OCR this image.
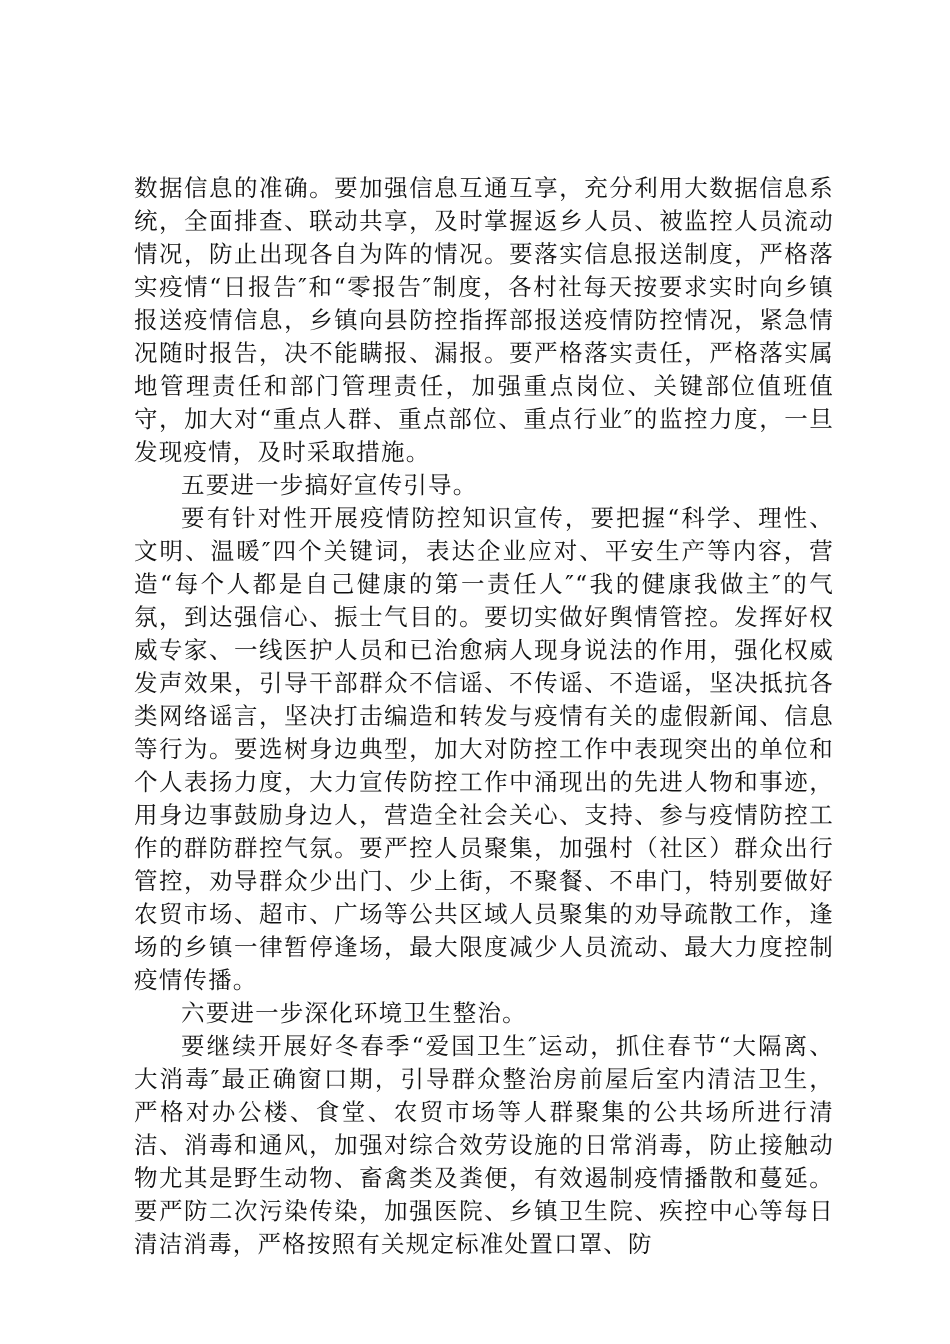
数据信息的准确。要加强信息互通互享，充分利用大数据信息系统，全面排查、联动共享，及时掌握返乡人员、被监控人员流动情况，防止出现各自为阵的情况。要落实信息报送制度，严格落实疫情“日报告″和“零报告″制度，各村社每天按要求实时向乡镇报送疫情信息，乡镇向县防控指挥部报送疫情防控情况，紧急情况随时报告，决不能瞒报、漏报。要严格落实责任，严格落实属地管理责任和部门管理责任，加强重点岗位、关键部位值班值守，加大对“重点人群、重点部位、重点行业″的监控力度，一旦发现疫情，及时采取措施。

五要进一步搞好宣传引导。

要有针对性开展疫情防控知识宣传，要把握“科学、理性、文明、温暖″四个关键词，表达企业应对、平安生产等内容，营造“每个人都是自己健康的第一责任人″“我的健康我做主″的气氛，到达强信心、振士气目的。要切实做好舆情管控。发挥好权威专家、一线医护人员和已治愈病人现身说法的作用，强化权威发声效果，引导干部群众不信谣、不传谣、不造谣，坚决抵抗各类网络谣言，坚决打击编造和转发与疫情有关的虚假新闻、信息等行为。要选树身边典型，加大对防控工作中表现突出的单位和个人表扬力度，大力宣传防控工作中涌现出的先进人物和事迹，用身边事鼓励身边人，营造全社会关心、支持、参与疫情防控工作的群防群控气氛。要严控人员聚集，加强村（社区）群众出行管控，劝导群众少出门、少上街，不聚餐、不串门，特别要做好农贸市场、超市、广场等公共区域人员聚集的劝导疏散工作，逢场的乡镇一律暂停逢场，最大限度减少人员流动、最大力度控制疫情传播。

六要进一步深化环境卫生整治。

要继续开展好冬春季“爱国卫生″运动，抓住春节“大隔离、大消毒″最正确窗口期，引导群众整治房前屋后室内清洁卫生，严格对办公楼、食堂、农贸市场等人群聚集的公共场所进行清洁、消毒和通风，加强对综合效劳设施的日常消毒，防止接触动物尤其是野生动物、畜禽类及粪便，有效遏制疫情播散和蔓延。要严防二次污染传染，加强医院、乡镇卫生院、疾控中心等每日清洁消毒，严格按照有关规定标准处置口罩、防
